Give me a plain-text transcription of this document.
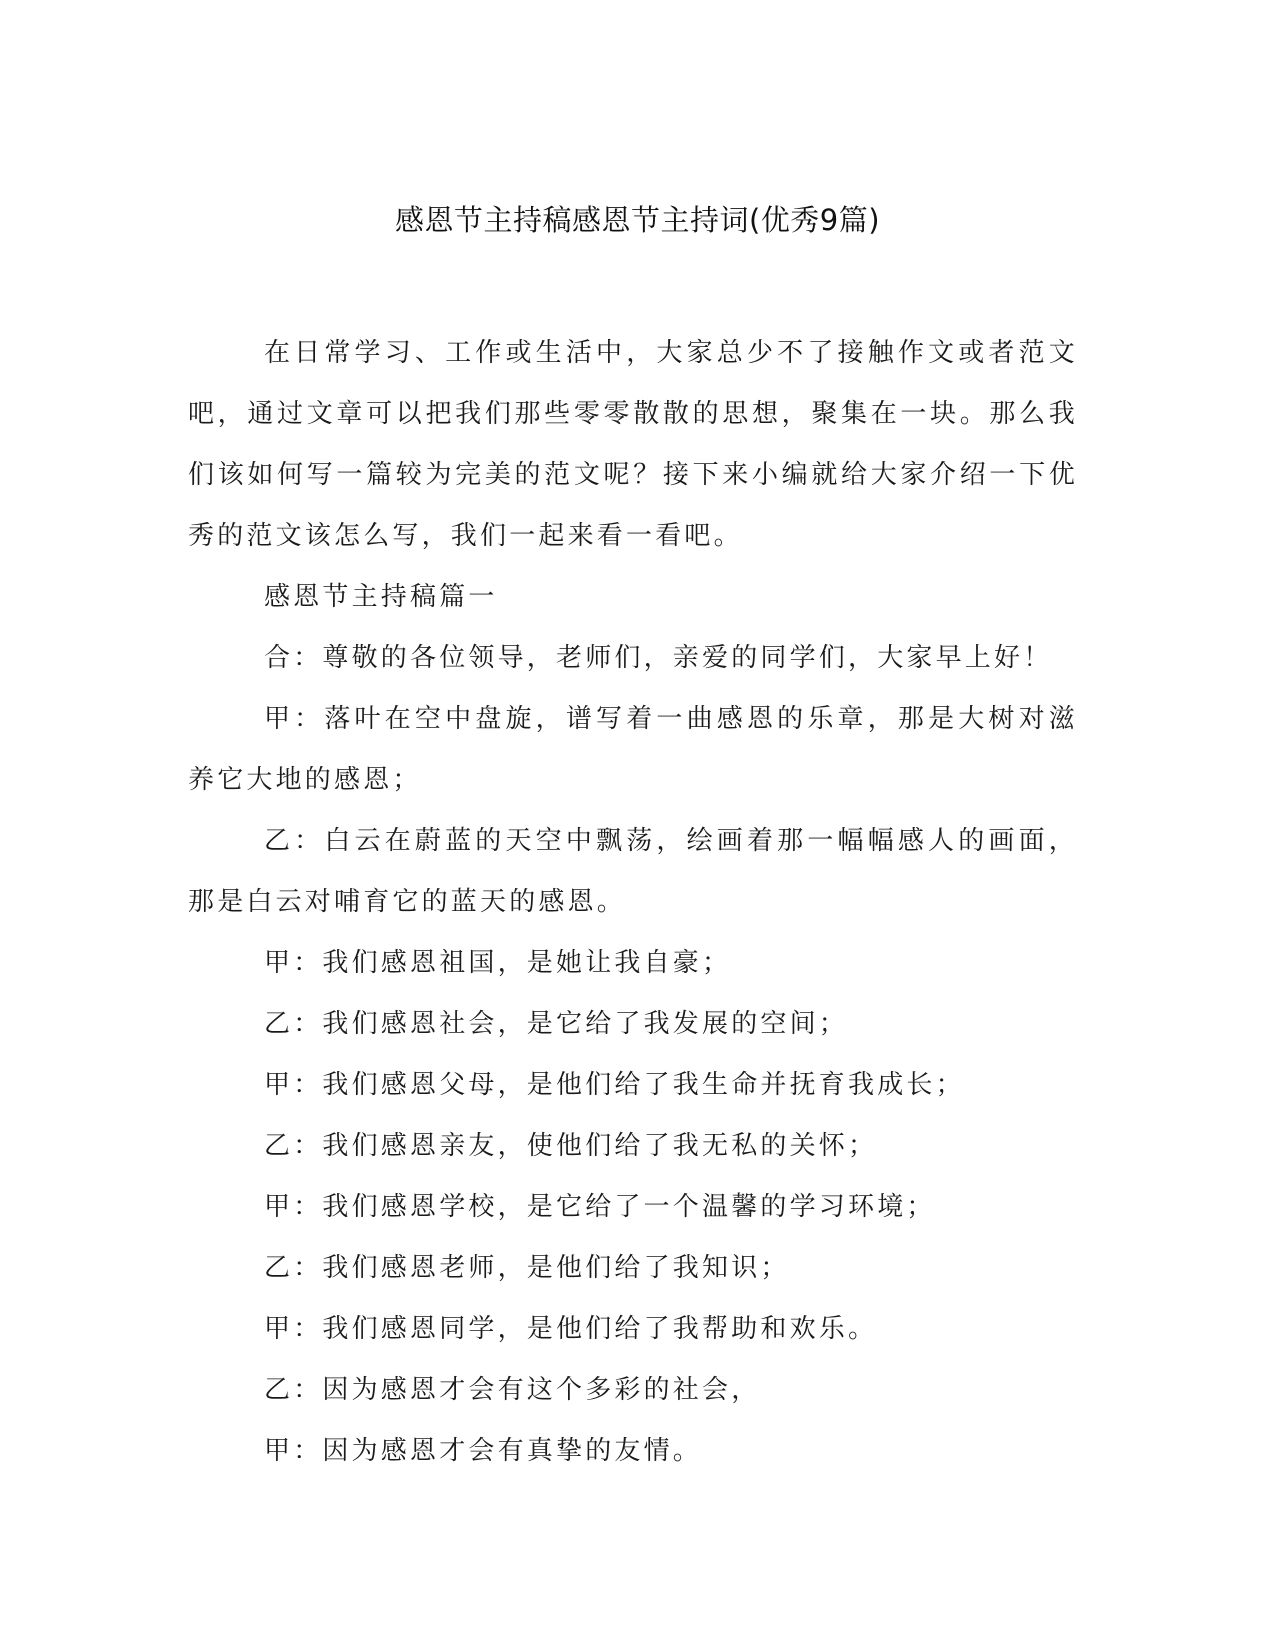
感恩节主持稿感恩节主持词(优秀9篇)

在日常学习、工作或生活中，大家总少不了接触作文或者范文吧，通过文章可以把我们那些零零散散的思想，聚集在一块。那么我们该如何写一篇较为完美的范文呢？接下来小编就给大家介绍一下优秀的范文该怎么写，我们一起来看一看吧。

感恩节主持稿篇一

合：尊敬的各位领导，老师们，亲爱的同学们，大家早上好！

甲：落叶在空中盘旋，谱写着一曲感恩的乐章，那是大树对滋养它大地的感恩；

乙：白云在蔚蓝的天空中飘荡，绘画着那一幅幅感人的画面，那是白云对哺育它的蓝天的感恩。

甲：我们感恩祖国，是她让我自豪；

乙：我们感恩社会，是它给了我发展的空间；

甲：我们感恩父母，是他们给了我生命并抚育我成长；

乙：我们感恩亲友，使他们给了我无私的关怀；

甲：我们感恩学校，是它给了一个温馨的学习环境；

乙：我们感恩老师，是他们给了我知识；

甲：我们感恩同学，是他们给了我帮助和欢乐。

乙：因为感恩才会有这个多彩的社会，

甲：因为感恩才会有真挚的友情。
